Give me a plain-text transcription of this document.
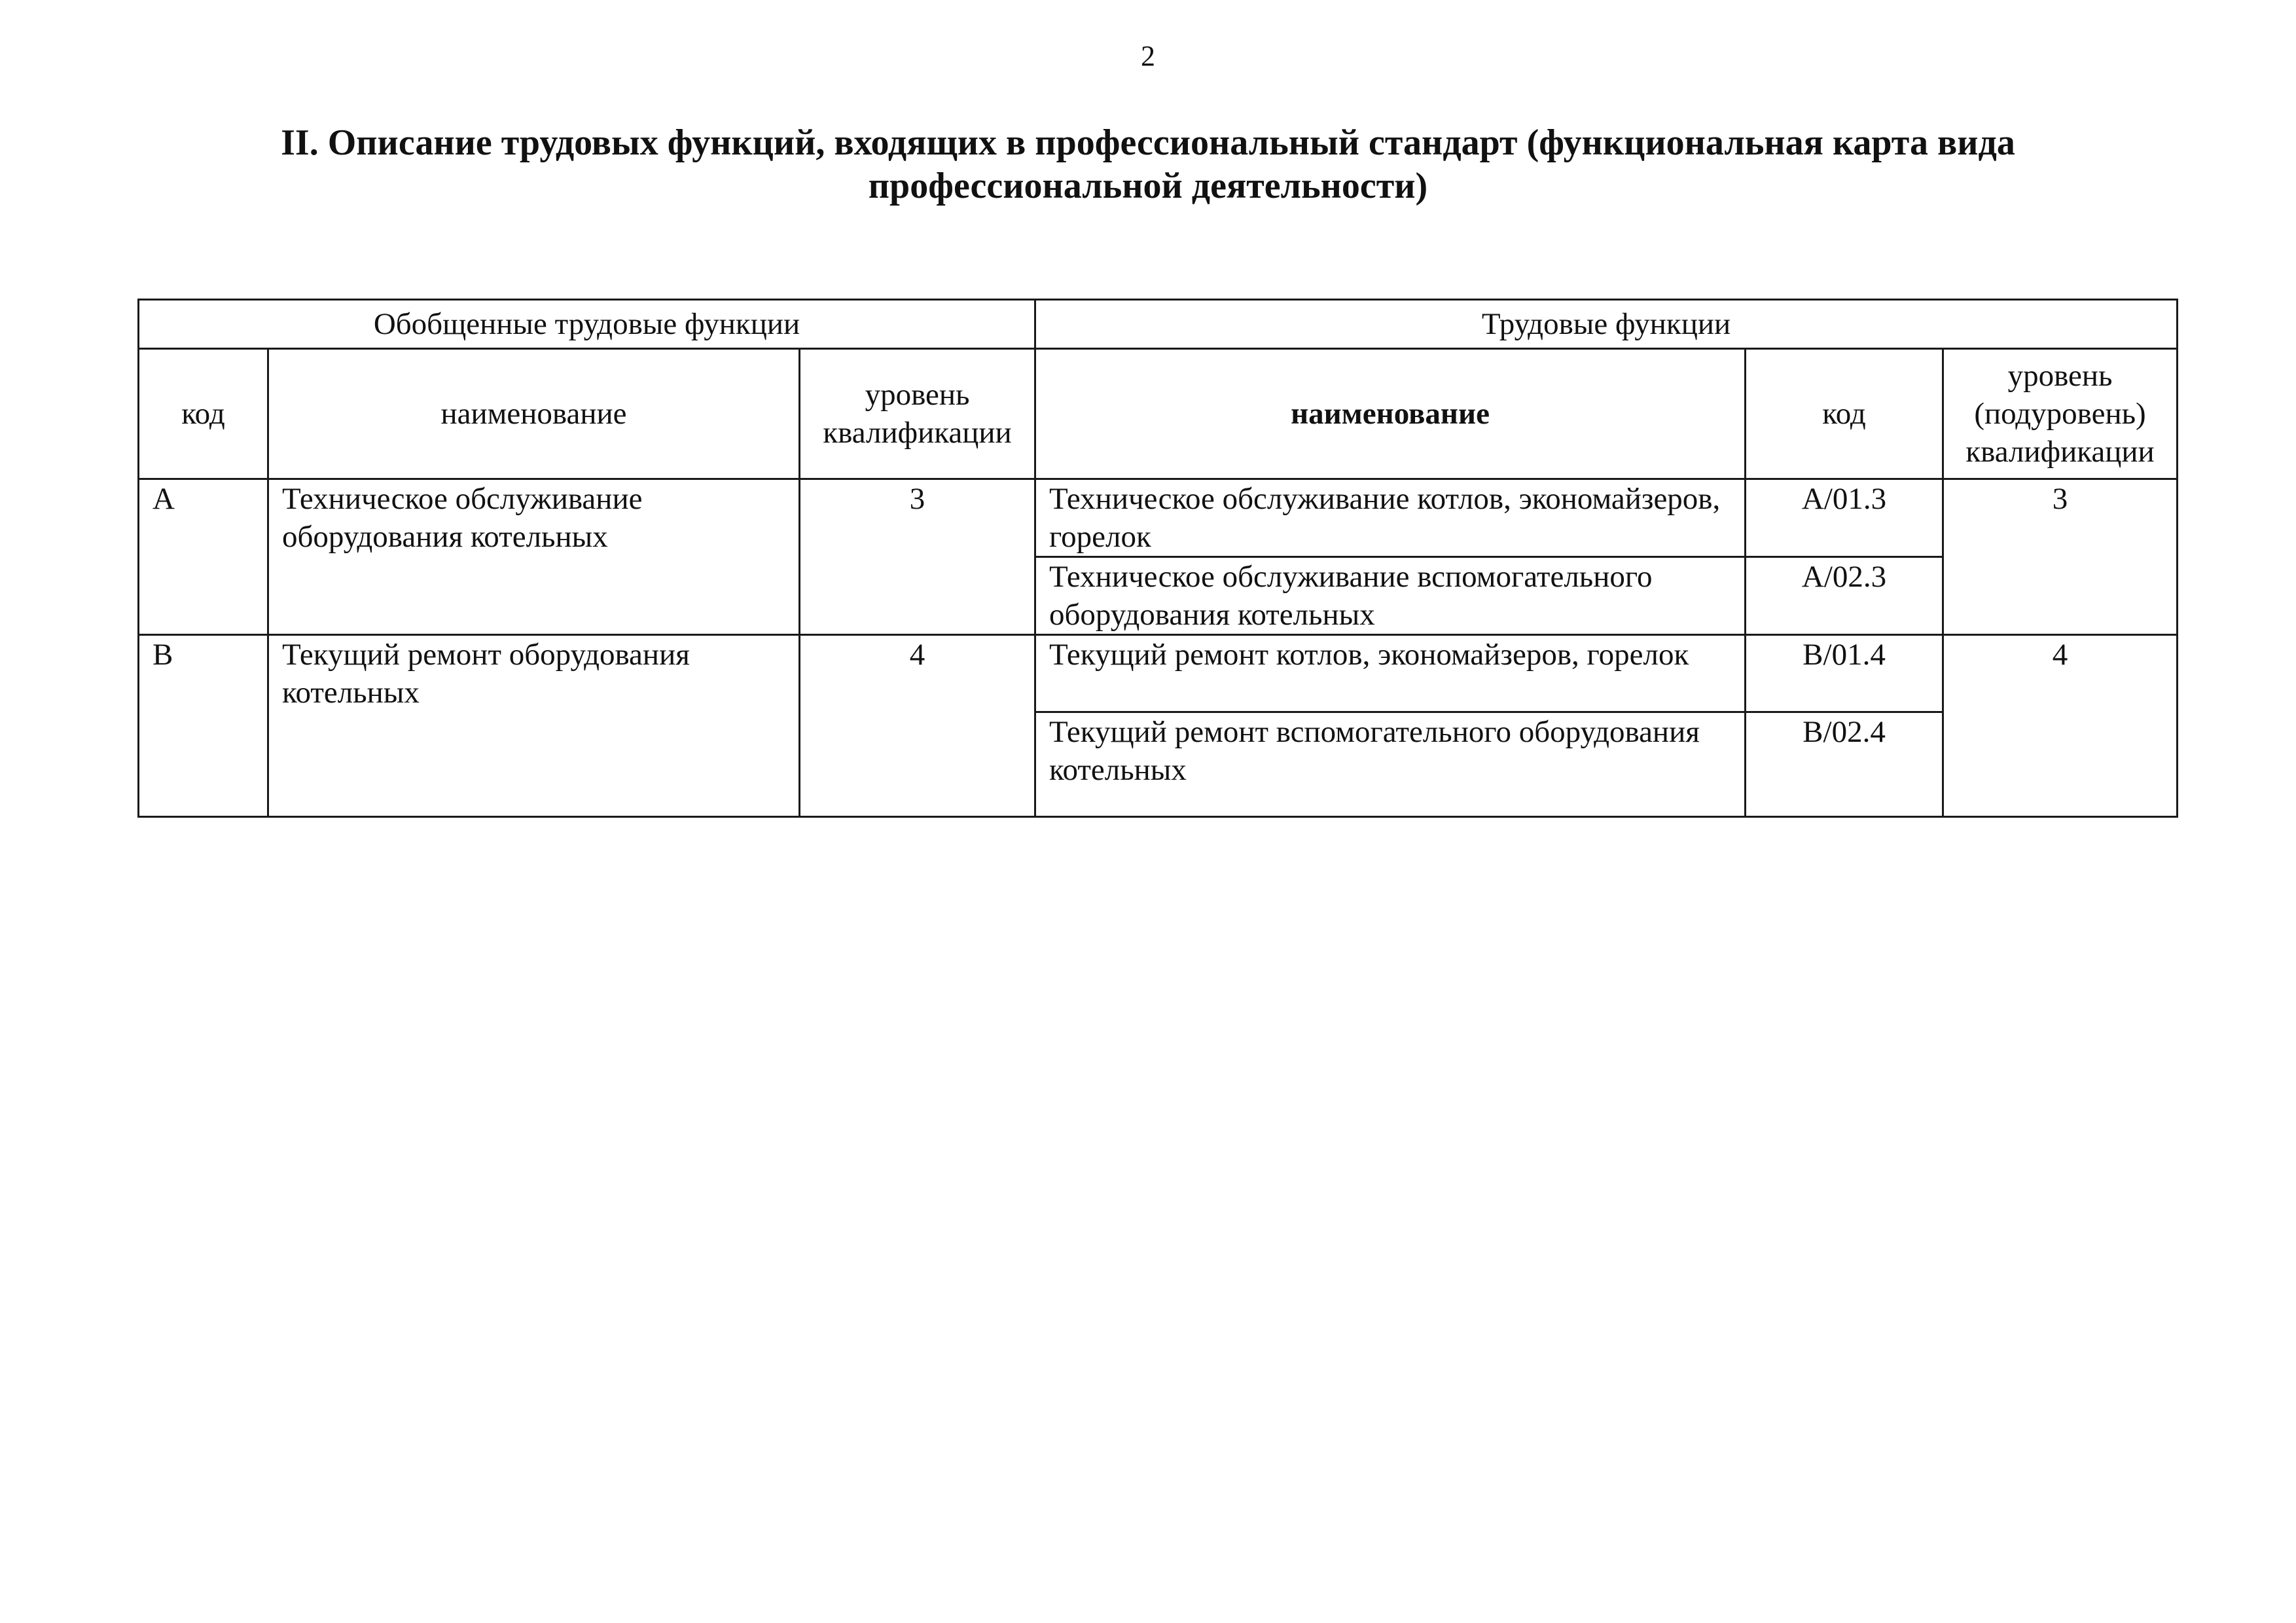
2
II. Описание трудовых функций, входящих в профессиональный стандарт (функциональная карта вида
профессиональной деятельности)
Обобщенные трудовые функции			Трудовые функции		
код	наименование	уровень квалификации	наименование	код	уровень
(подуровень)
квалификации

A	Техническое обслуживание оборудования котельных	3	Техническое обслуживание котлов, экономайзеров, горелок	A/01.3	3
			Техническое обслуживание вспомогательного оборудования котельных	A/02.3	
B	Текущий ремонт оборудования котельных	4	Текущий ремонт котлов, экономайзеров, горелок	B/01.4	4
			Текущий ремонт вспомогательного оборудования котельных	B/02.4	
